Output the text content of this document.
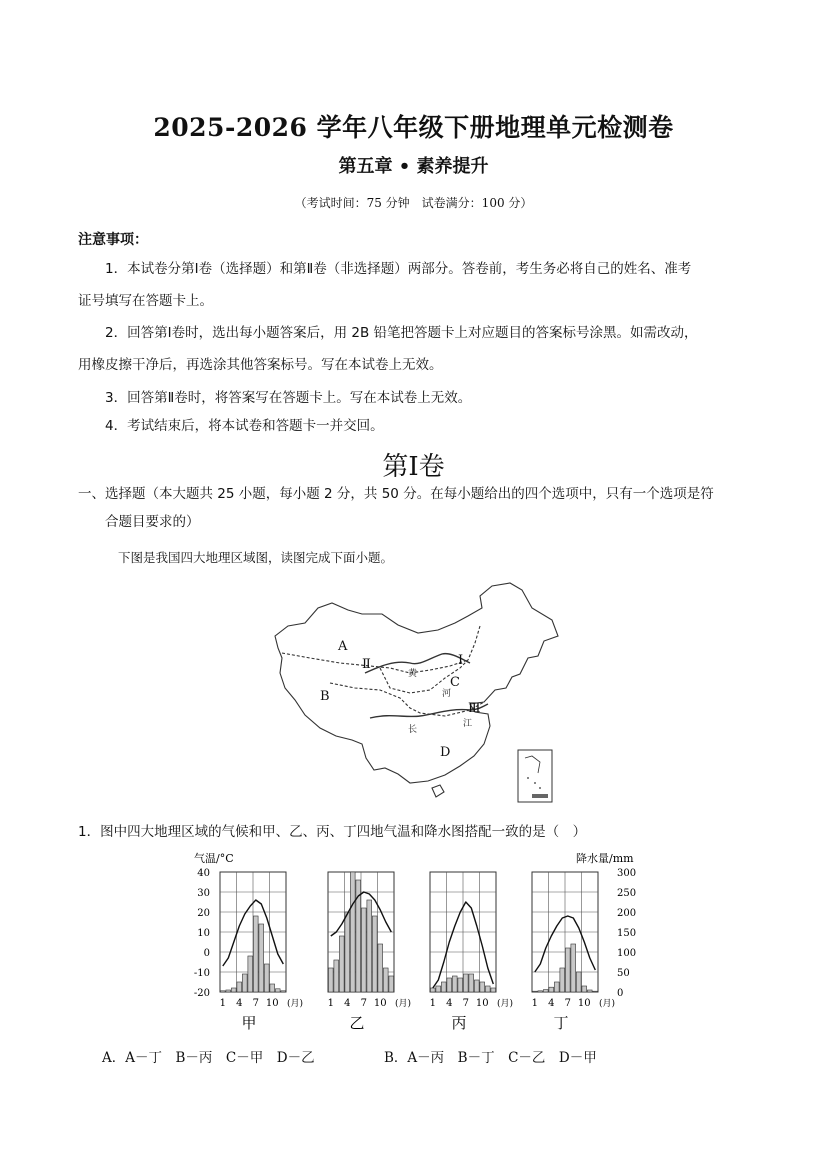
2025-2026 学年八年级下册地理单元检测卷
第五章 • 素养提升
（考试时间：75 分钟　试卷满分：100 分）
注意事项：
1．本试卷分第Ⅰ卷（选择题）和第Ⅱ卷（非选择题）两部分。答卷前，考生务必将自己的姓名、准考
证号填写在答题卡上。
2．回答第Ⅰ卷时，选出每小题答案后，用 2B 铅笔把答题卡上对应题目的答案标号涂黑。如需改动，
用橡皮擦干净后，再选涂其他答案标号。写在本试卷上无效。
3．回答第Ⅱ卷时，将答案写在答题卡上。写在本试卷上无效。
4．考试结束后，将本试卷和答题卡一并交回。
第Ⅰ卷
一、选择题（本大题共 25 小题，每小题 2 分，共 50 分。在每小题给出的四个选项中，只有一个选项是符
合题目要求的）
下图是我国四大地理区域图，读图完成下面小题。
A
B
C
D
Ⅰ
Ⅱ
Ⅲ
黄
河
长
江
1．图中四大地理区域的气候和甲、乙、丙、丁四地气温和降水图搭配一致的是（　）
气温/°C	降水量/mm
40
30
20
10
0
-10
-20
300
250
200
150
100
50
0
1 4 7 10 (月)
甲
1 4 7 10 (月)
乙
1 4 7 10 (月)
丙
1 4 7 10 (月)
丁
A．A－丁　B－丙　C－甲　D－乙	B．A－丙　B－丁　C－乙　D－甲
